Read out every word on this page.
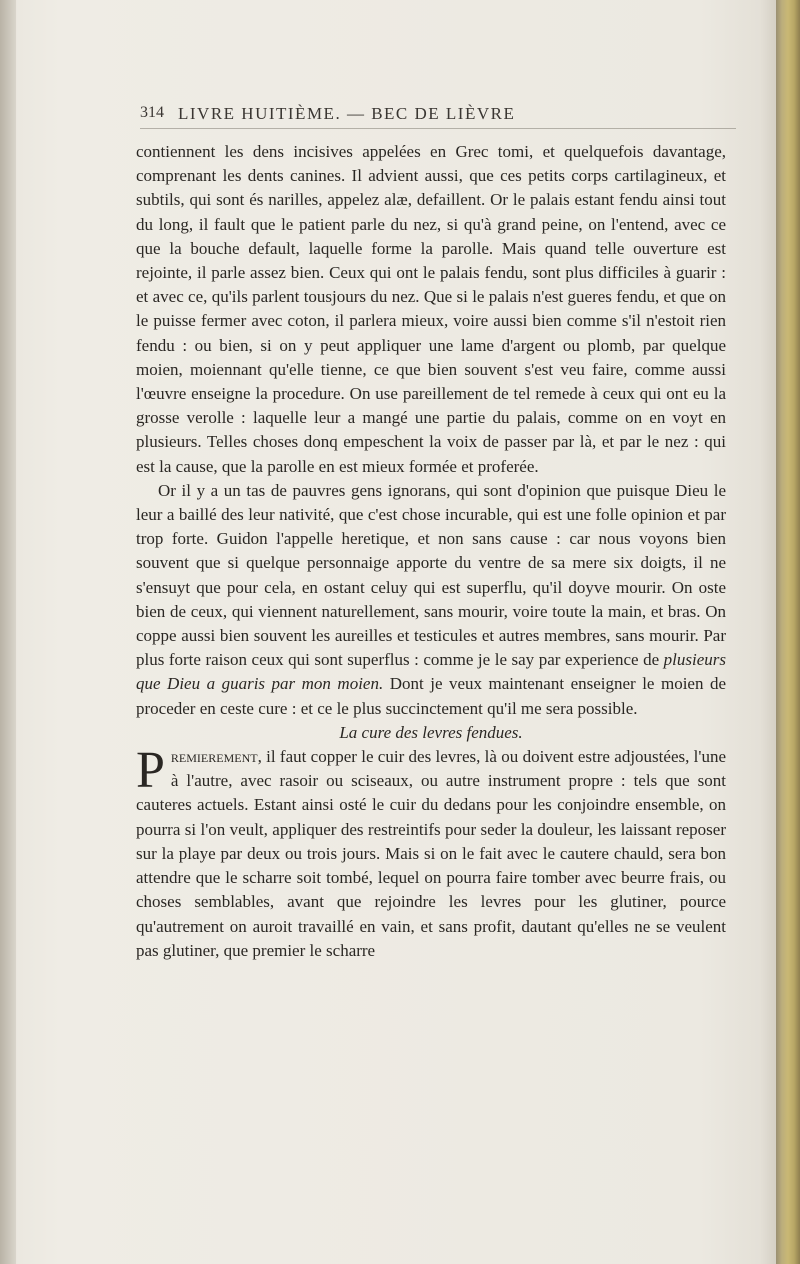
314 LIVRE HUITIÈME. — BEC DE LIÈVRE

contiennent les dens incisives appelées en Grec tomi, et quelquefois davantage, comprenant les dents canines. Il advient aussi, que ces petits corps cartilagineux, et subtils, qui sont és narilles, appelez alæ, defaillent. Or le palais estant fendu ainsi tout du long, il fault que le patient parle du nez, si qu'à grand peine, on l'entend, avec ce que la bouche default, laquelle forme la parolle. Mais quand telle ouverture est rejointe, il parle assez bien. Ceux qui ont le palais fendu, sont plus difficiles à guarir : et avec ce, qu'ils parlent tousjours du nez. Que si le palais n'est gueres fendu, et que on le puisse fermer avec coton, il parlera mieux, voire aussi bien comme s'il n'estoit rien fendu : ou bien, si on y peut appliquer une lame d'argent ou plomb, par quelque moien, moiennant qu'elle tienne, ce que bien souvent s'est veu faire, comme aussi l'œuvre enseigne la procedure. On use pareillement de tel remede à ceux qui ont eu la grosse verolle : laquelle leur a mangé une partie du palais, comme on en voyt en plusieurs. Telles choses donq empeschent la voix de passer par là, et par le nez : qui est la cause, que la parolle en est mieux formée et proferée.

Or il y a un tas de pauvres gens ignorans, qui sont d'opinion que puisque Dieu le leur a baillé des leur nativité, que c'est chose incurable, qui est une folle opinion et par trop forte. Guidon l'appelle heretique, et non sans cause : car nous voyons bien souvent que si quelque personnaige apporte du ventre de sa mere six doigts, il ne s'ensuyt que pour cela, en ostant celuy qui est superflu, qu'il doyve mourir. On oste bien de ceux, qui viennent naturellement, sans mourir, voire toute la main, et bras. On coppe aussi bien souvent les aureilles et testicules et autres membres, sans mourir. Par plus forte raison ceux qui sont superflus : comme je le say par experience de plusieurs que Dieu a guaris par mon moien. Dont je veux maintenant enseigner le moien de proceder en ceste cure : et ce le plus succinctement qu'il me sera possible.

La cure des levres fendues.

Premierement, il faut copper le cuir des levres, là ou doivent estre adjoustées, l'une à l'autre, avec rasoir ou sciseaux, ou autre instrument propre : tels que sont cauteres actuels. Estant ainsi osté le cuir du dedans pour les conjoindre ensemble, on pourra si l'on veult, appliquer des restreintifs pour seder la douleur, les laissant reposer sur la playe par deux ou trois jours. Mais si on le fait avec le cautere chauld, sera bon attendre que le scharre soit tombé, lequel on pourra faire tomber avec beurre frais, ou choses semblables, avant que rejoindre les levres pour les glutiner, pource qu'autrement on auroit travaillé en vain, et sans profit, dautant qu'elles ne se veulent pas glutiner, que premier le scharre
